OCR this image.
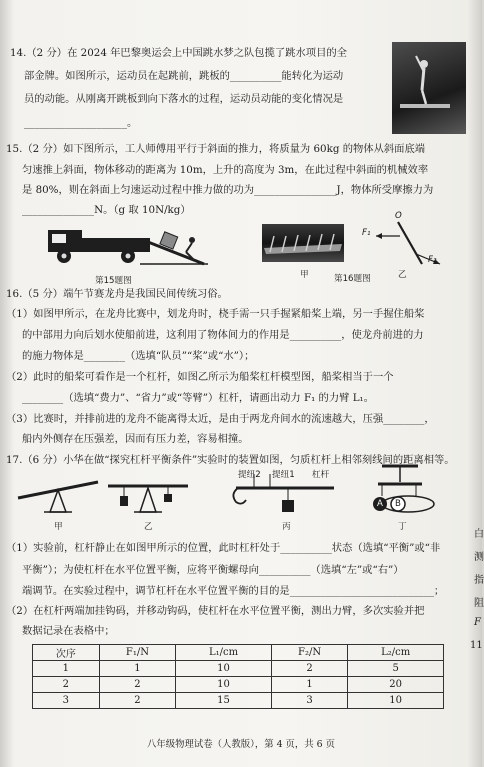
14.（2 分）在 2024 年巴黎奥运会上中国跳水梦之队包揽了跳水项目的全
部金牌。如图所示，运动员在起跳前，跳板的__________能转化为运动
员的动能。从刚离开跳板到向下落水的过程，运动员动能的变化情况是
____________________。
15.（2 分）如下图所示，工人师傅用平行于斜面的推力，将质量为 60kg 的物体从斜面底端
匀速推上斜面，物体移动的距离为 10m，上升的高度为 3m，在此过程中斜面的机械效率
是 80%，则在斜面上匀速运动过程中推力做的功为________________J，物体所受摩擦力为
______________N。（g 取 10N/kg）
第15题图
甲	第16题图
O
F₁
F₂
乙
16.（5 分）端午节赛龙舟是我国民间传统习俗。
（1）如图甲所示，在龙舟比赛中，划龙舟时，桡手需一只手握紧船桨上端，另一手握住船桨
的中部用力向后划水使船前进，这利用了物体间力的作用是__________，使龙舟前进的力
的施力物体是________（选填“队员”“桨”或“水”）；
（2）此时的船桨可看作是一个杠杆，如图乙所示为船桨杠杆模型图，船桨相当于一个
________（选填“费力”、“省力”或“等臂”）杠杆，请画出动力 F₁ 的力臂 L₁。
（3）比赛时，并排前进的龙舟不能离得太近，是由于两龙舟间水的流速越大，压强________，
船内外侧存在压强差，因而有压力差，容易相撞。
17.（6 分）小华在做“探究杠杆平衡条件”实验时的装置如图，匀质杠杆上相邻刻线间的距离相等。
甲	乙
提纽2 提纽1 杠杆
丙
A B
丁
（1）实验前，杠杆静止在如图甲所示的位置，此时杠杆处于__________状态（选填“平衡”或“非
平衡”）；为使杠杆在水平位置平衡，应将平衡螺母向__________（选填“左”或“右”）
端调节。在实验过程中，调节杠杆在水平位置平衡的目的是____________________________；
（2）在杠杆两端加挂钩码，并移动钩码，使杠杆在水平位置平衡，测出力臂，多次实验并把
数据记录在表格中；
次序	F₁/N	L₁/cm	F₂/N	L₂/cm
1	1	10	2	5
2	2	10	1	20
3	2	15	3	10
白
测
指
阻
F
11
八年级物理试卷（人教版），第 4 页，共 6 页
